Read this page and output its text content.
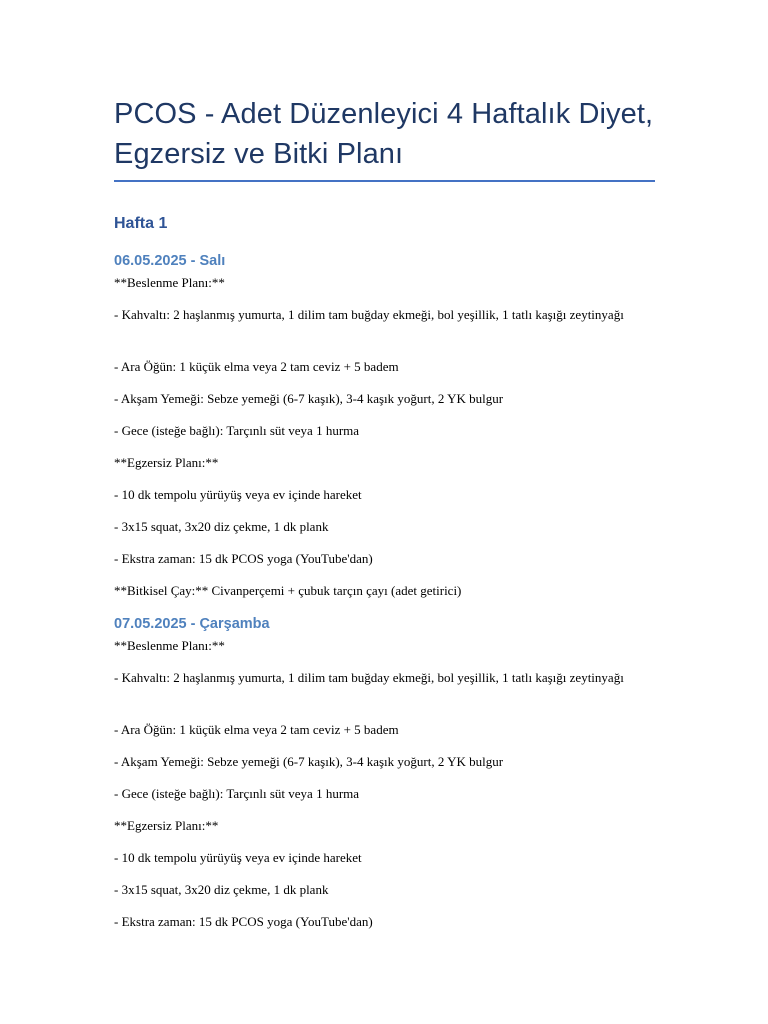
PCOS - Adet Düzenleyici 4 Haftalık Diyet, Egzersiz ve Bitki Planı
Hafta 1
06.05.2025 - Salı

**Beslenme Planı:**

- Kahvaltı: 2 haşlanmış yumurta, 1 dilim tam buğday ekmeği, bol yeşillik, 1 tatlı kaşığı zeytinyağı

- Ara Öğün: 1 küçük elma veya 2 tam ceviz + 5 badem

- Akşam Yemeği: Sebze yemeği (6-7 kaşık), 3-4 kaşık yoğurt, 2 YK bulgur

- Gece (isteğe bağlı): Tarçınlı süt veya 1 hurma

**Egzersiz Planı:**

- 10 dk tempolu yürüyüş veya ev içinde hareket

- 3x15 squat, 3x20 diz çekme, 1 dk plank

- Ekstra zaman: 15 dk PCOS yoga (YouTube'dan)

**Bitkisel Çay:** Civanperçemi + çubuk tarçın çayı (adet getirici)

07.05.2025 - Çarşamba

**Beslenme Planı:**

- Kahvaltı: 2 haşlanmış yumurta, 1 dilim tam buğday ekmeği, bol yeşillik, 1 tatlı kaşığı zeytinyağı

- Ara Öğün: 1 küçük elma veya 2 tam ceviz + 5 badem

- Akşam Yemeği: Sebze yemeği (6-7 kaşık), 3-4 kaşık yoğurt, 2 YK bulgur

- Gece (isteğe bağlı): Tarçınlı süt veya 1 hurma

**Egzersiz Planı:**

- 10 dk tempolu yürüyüş veya ev içinde hareket

- 3x15 squat, 3x20 diz çekme, 1 dk plank

- Ekstra zaman: 15 dk PCOS yoga (YouTube'dan)
